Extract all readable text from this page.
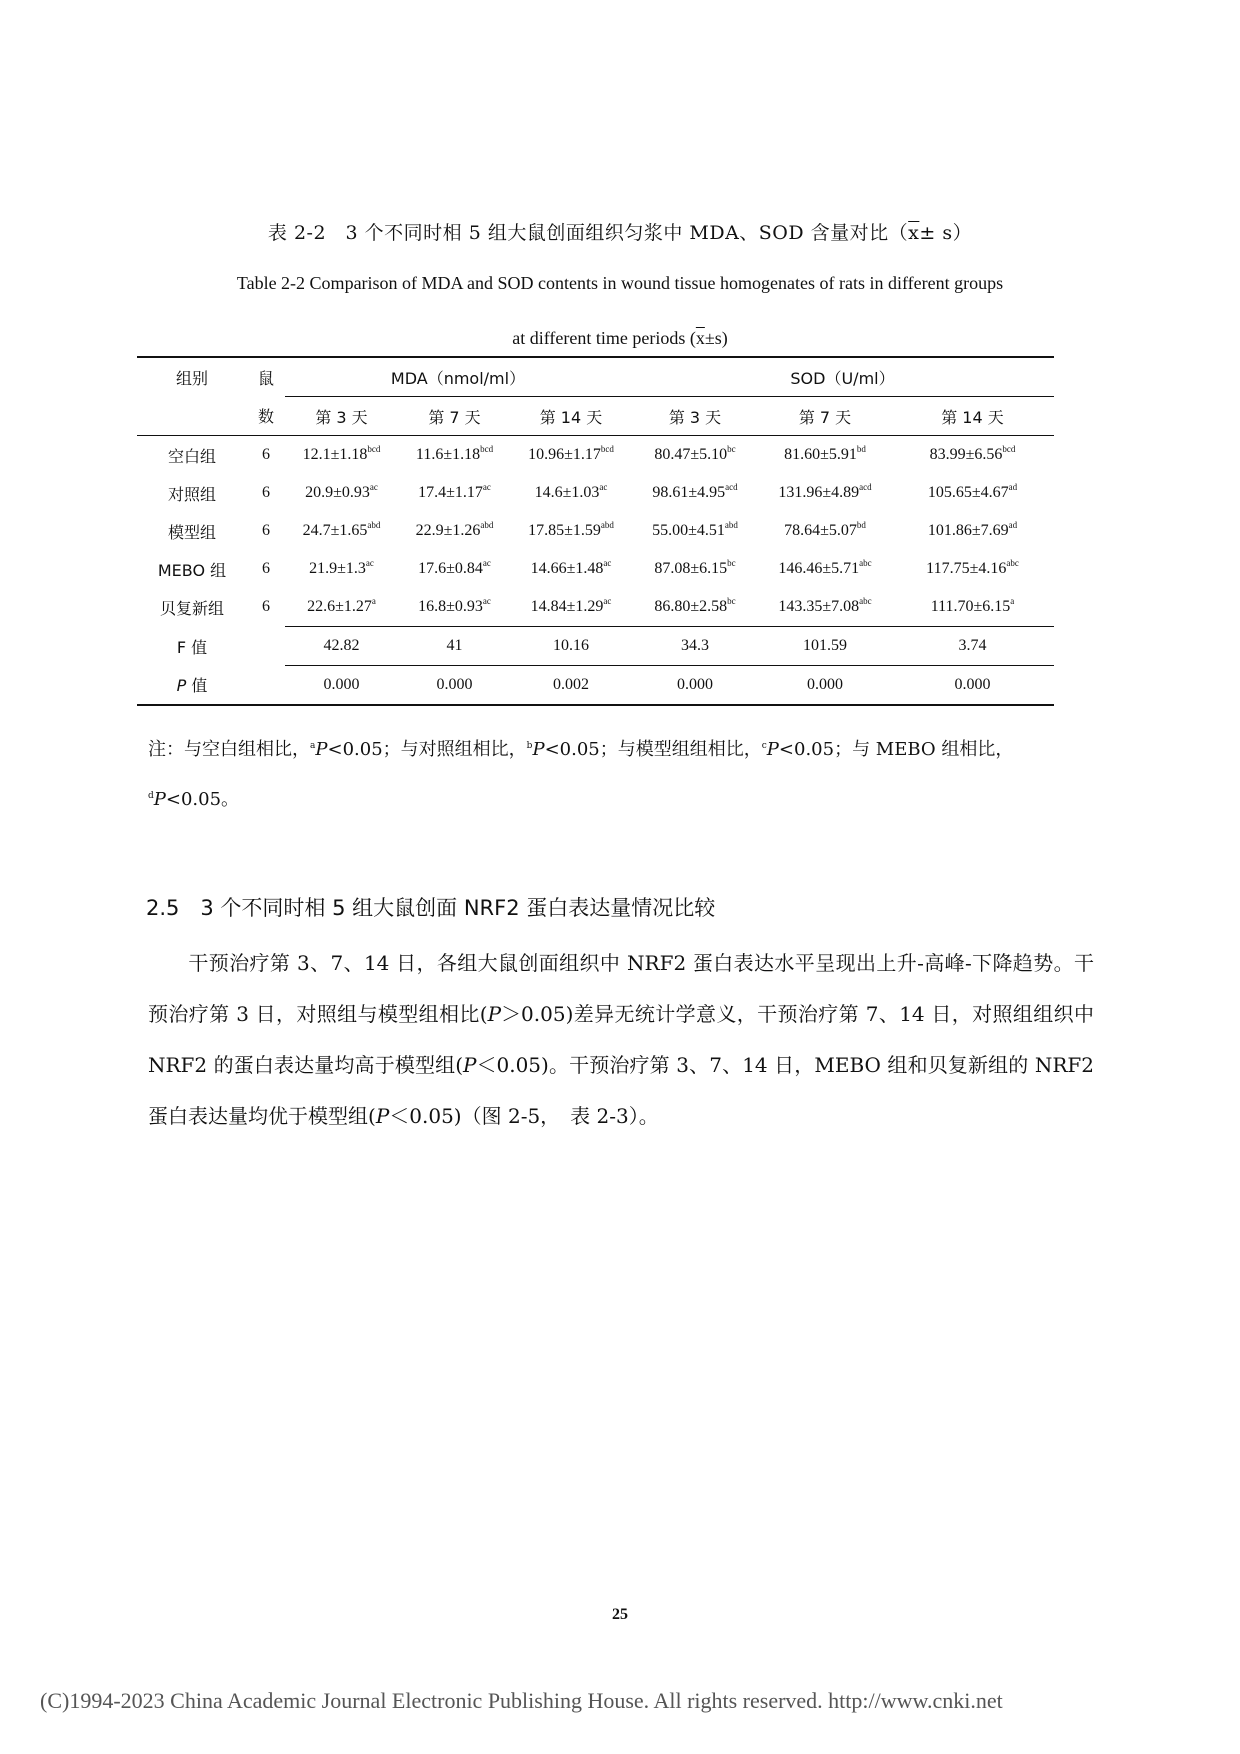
表 2-2　3 个不同时相 5 组大鼠创面组织匀浆中 MDA、SOD 含量对比$(\overline{x}\pm s)$
Table 2-2 Comparison of MDA and SOD contents in wound tissue homogenates of rats in different groups
at different time periods $(\overline{x}\pm s)$
组别	鼠	MDA（nmol/ml）			SOD（U/ml）		
	数	第 3 天	第 7 天	第 14 天	第 3 天	第 7 天	第 14 天
空白组	6	12.1±1.18$^{bcd}$	11.6±1.18$^{bcd}$	10.96±1.17$^{bcd}$	80.47±5.10$^{bc}$	81.60±5.91$^{bd}$	83.99±6.56$^{bcd}$
对照组	6	20.9±0.93$^{ac}$	17.4±1.17$^{ac}$	14.6±1.03$^{ac}$	98.61±4.95$^{acd}$	131.96±4.89$^{acd}$	105.65±4.67$^{ad}$
模型组	6	24.7±1.65$^{abd}$	22.9±1.26$^{abd}$	17.85±1.59$^{abd}$	55.00±4.51$^{abd}$	78.64±5.07$^{bd}$	101.86±7.69$^{ad}$
MEBO 组	6	21.9±1.3$^{ac}$	17.6±0.84$^{ac}$	14.66±1.48$^{ac}$	87.08±6.15$^{bc}$	146.46±5.71$^{abc}$	117.75±4.16$^{abc}$
贝复新组	6	22.6±1.27$^a$	16.8±0.93$^{ac}$	14.84±1.29$^{ac}$	86.80±2.58$^{bc}$	143.35±7.08$^{abc}$	111.70±6.15$^a$
F 值		42.82	41	10.16	34.3	101.59	3.74
P 值		0.000	0.000	0.002	0.000	0.000	0.000
注：与空白组相比，$^a$P<0.05；与对照组相比，$^b$P<0.05；与模型组组相比，$^c$P<0.05；与 MEBO 组相比，$^d$P<0.05。
2.5　3 个不同时相 5 组大鼠创面 NRF2 蛋白表达量情况比较
干预治疗第 3、7、14 日，各组大鼠创面组织中 NRF2 蛋白表达水平呈现出上升-高峰-下降趋势。干预治疗第 3 日，对照组与模型组相比(P＞0.05)差异无统计学意义，干预治疗第 7、14 日，对照组组织中 NRF2 的蛋白表达量均高于模型组(P＜0.05)。干预治疗第 3、7、14 日，MEBO 组和贝复新组的 NRF2 蛋白表达量均优于模型组(P＜0.05)（图 2-5，　表 2-3）。
25
(C)1994-2023 China Academic Journal Electronic Publishing House. All rights reserved. http://www.cnki.net
